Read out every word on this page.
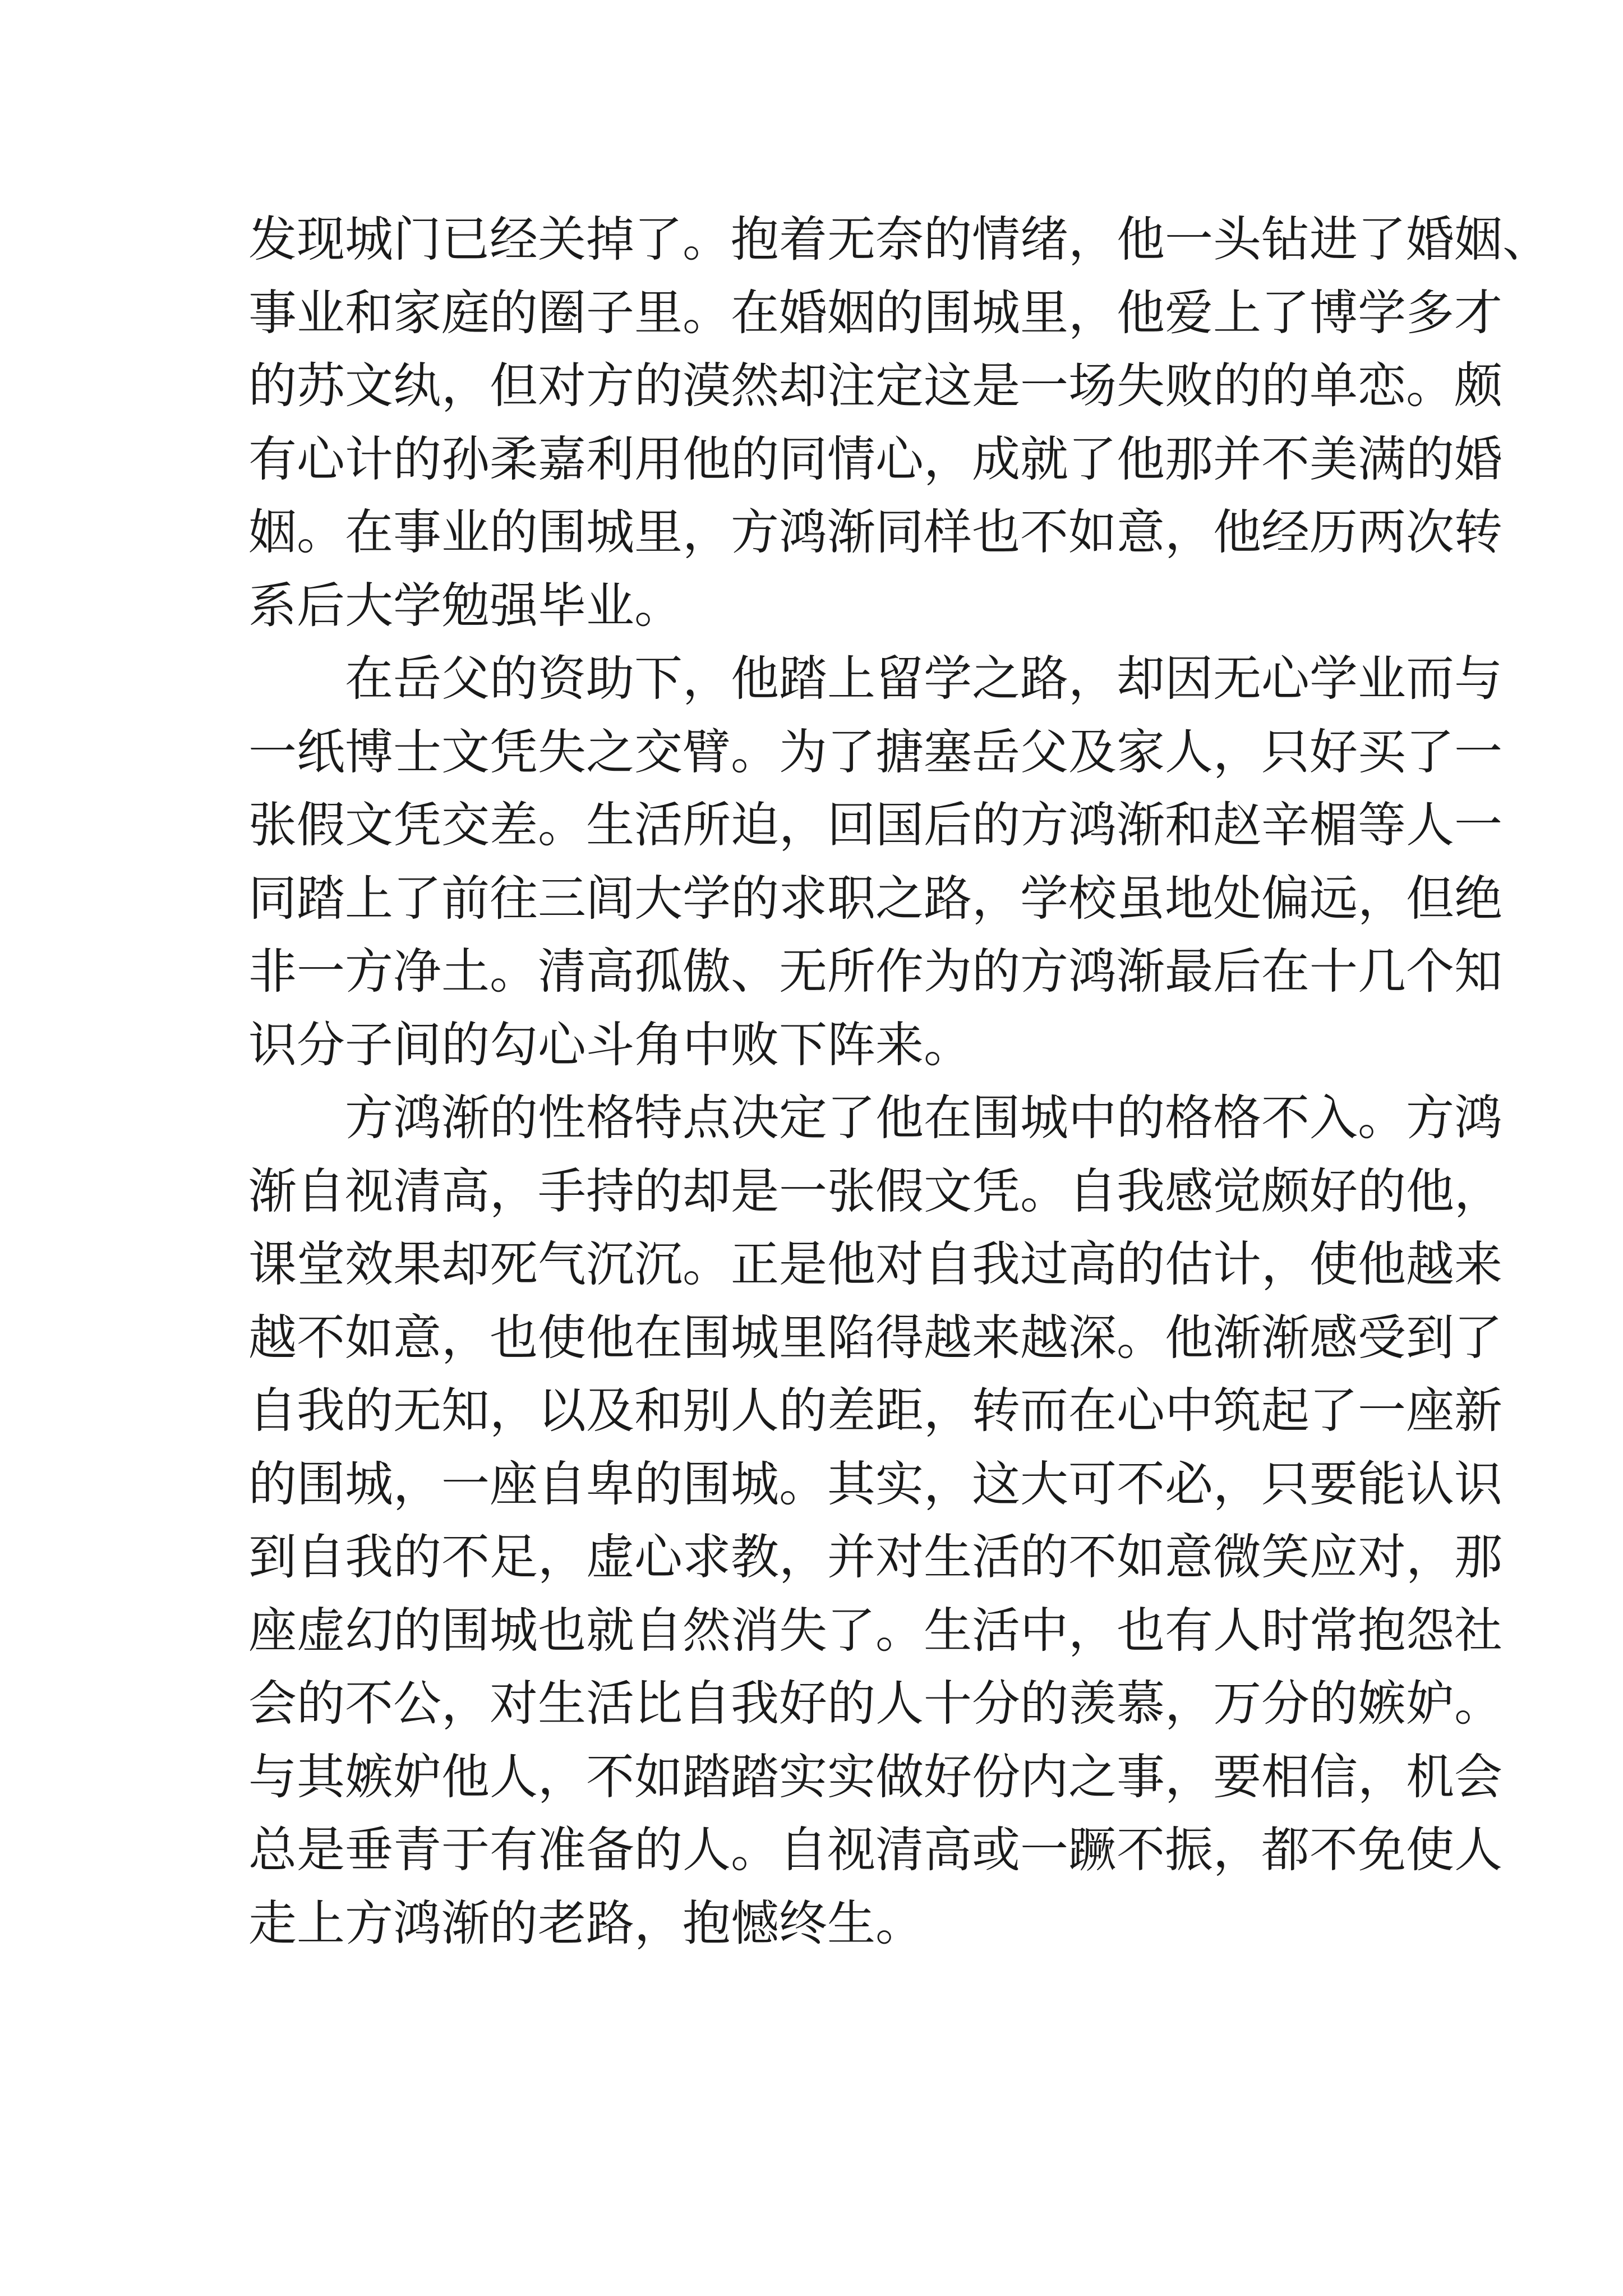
发现城门已经关掉了。抱着无奈的情绪，他一头钻进了婚姻、
事业和家庭的圈子里。在婚姻的围城里，他爱上了博学多才
的苏文纨，但对方的漠然却注定这是一场失败的的单恋。颇
有心计的孙柔嘉利用他的同情心，成就了他那并不美满的婚
姻。在事业的围城里，方鸿渐同样也不如意，他经历两次转
系后大学勉强毕业。
在岳父的资助下，他踏上留学之路，却因无心学业而与
一纸博士文凭失之交臂。为了搪塞岳父及家人，只好买了一
张假文凭交差。生活所迫，回国后的方鸿渐和赵辛楣等人一
同踏上了前往三闾大学的求职之路，学校虽地处偏远，但绝
非一方净土。清高孤傲、无所作为的方鸿渐最后在十几个知
识分子间的勾心斗角中败下阵来。
方鸿渐的性格特点决定了他在围城中的格格不入。方鸿
渐自视清高，手持的却是一张假文凭。自我感觉颇好的他，
课堂效果却死气沉沉。正是他对自我过高的估计，使他越来
越不如意，也使他在围城里陷得越来越深。他渐渐感受到了
自我的无知，以及和别人的差距，转而在心中筑起了一座新
的围城，一座自卑的围城。其实，这大可不必，只要能认识
到自我的不足，虚心求教，并对生活的不如意微笑应对，那
座虚幻的围城也就自然消失了。生活中，也有人时常抱怨社
会的不公，对生活比自我好的人十分的羡慕，万分的嫉妒。
与其嫉妒他人，不如踏踏实实做好份内之事，要相信，机会
总是垂青于有准备的人。自视清高或一蹶不振，都不免使人
走上方鸿渐的老路，抱憾终生。
